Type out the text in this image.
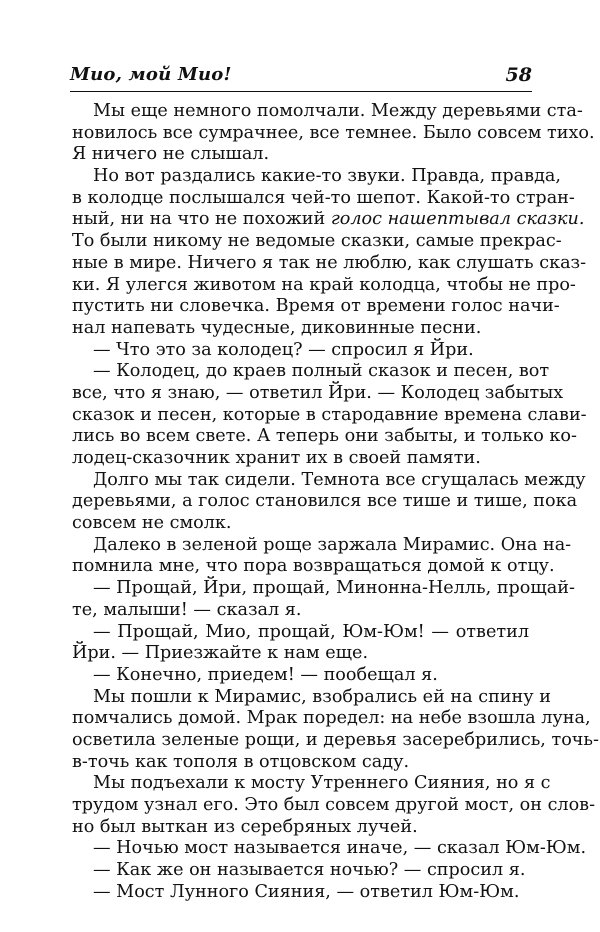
Мио, мой Мио!	58
Мы еще немного помолчали. Между деревьями ста-
новилось все сумрачнее, все темнее. Было совсем тихо.
Я ничего не слышал.
Но вот раздались какие-то звуки. Правда, правда,
в колодце послышался чей-то шепот. Какой-то стран-
ный, ни на что не похожий голос нашептывал сказки.
То были никому не ведомые сказки, самые прекрас-
ные в мире. Ничего я так не люблю, как слушать сказ-
ки. Я улегся животом на край колодца, чтобы не про-
пустить ни словечка. Время от времени голос начи-
нал напевать чудесные, диковинные песни.
— Что это за колодец? — спросил я Йри.
— Колодец, до краев полный сказок и песен, вот
все, что я знаю, — ответил Йри. — Колодец забытых
сказок и песен, которые в стародавние времена слави-
лись во всем свете. А теперь они забыты, и только ко-
лодец-сказочник хранит их в своей памяти.
Долго мы так сидели. Темнота все сгущалась между
деревьями, а голос становился все тише и тише, пока
совсем не смолк.
Далеко в зеленой роще заржала Мирамис. Она на-
помнила мне, что пора возвращаться домой к отцу.
— Прощай, Йри, прощай, Минонна-Нелль, прощай-
те, малыши! — сказал я.
— Прощай, Мио, прощай, Юм-Юм! — ответил
Йри. — Приезжайте к нам еще.
— Конечно, приедем! — пообещал я.
Мы пошли к Мирамис, взобрались ей на спину и
помчались домой. Мрак поредел: на небе взошла луна,
осветила зеленые рощи, и деревья засеребрились, точь-
в-точь как тополя в отцовском саду.
Мы подъехали к мосту Утреннего Сияния, но я с
трудом узнал его. Это был совсем другой мост, он слов-
но был выткан из серебряных лучей.
— Ночью мост называется иначе, — сказал Юм-Юм.
— Как же он называется ночью? — спросил я.
— Мост Лунного Сияния, — ответил Юм-Юм.
